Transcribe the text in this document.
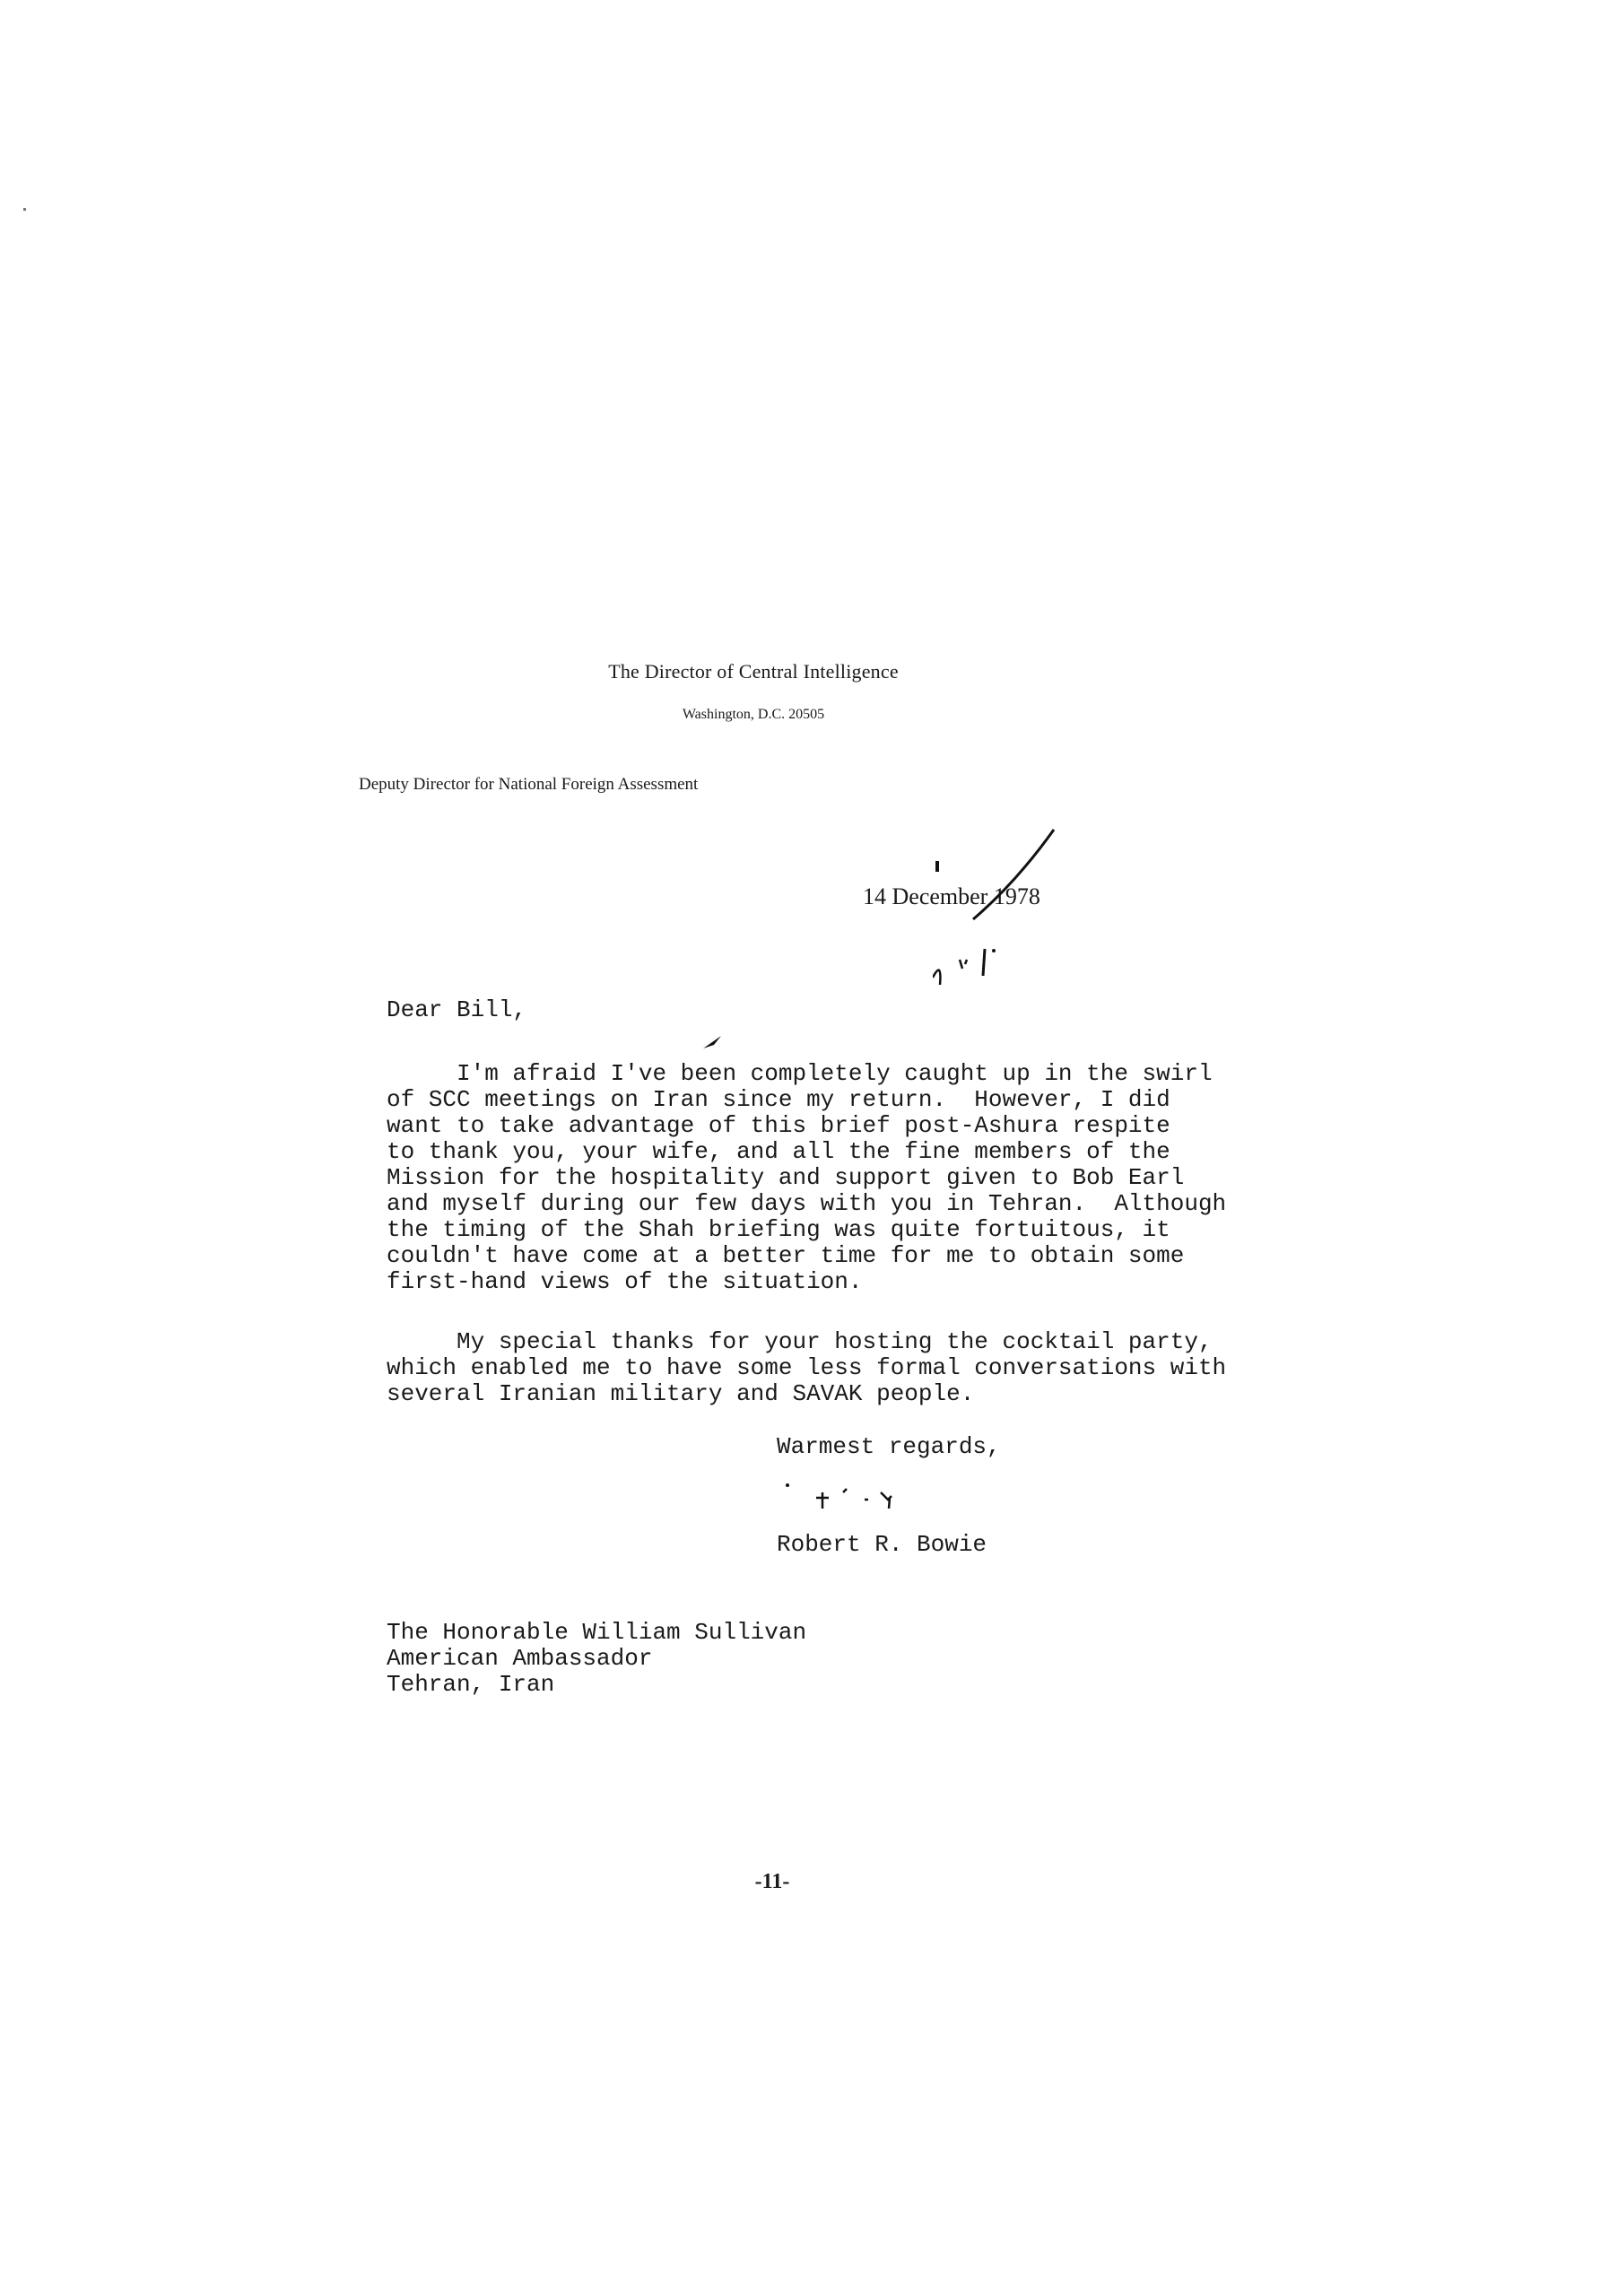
The Director of Central Intelligence
Washington, D.C. 20505
Deputy Director for National Foreign Assessment
14 December 1978
Dear Bill,
I'm afraid I've been completely caught up in the swirl
of SCC meetings on Iran since my return.  However, I did
want to take advantage of this brief post-Ashura respite
to thank you, your wife, and all the fine members of the
Mission for the hospitality and support given to Bob Earl
and myself during our few days with you in Tehran.  Although
the timing of the Shah briefing was quite fortuitous, it
couldn't have come at a better time for me to obtain some
first-hand views of the situation.
My special thanks for your hosting the cocktail party,
which enabled me to have some less formal conversations with
several Iranian military and SAVAK people.
Warmest regards,
Robert R. Bowie
The Honorable William Sullivan
American Ambassador
Tehran, Iran
-11-
